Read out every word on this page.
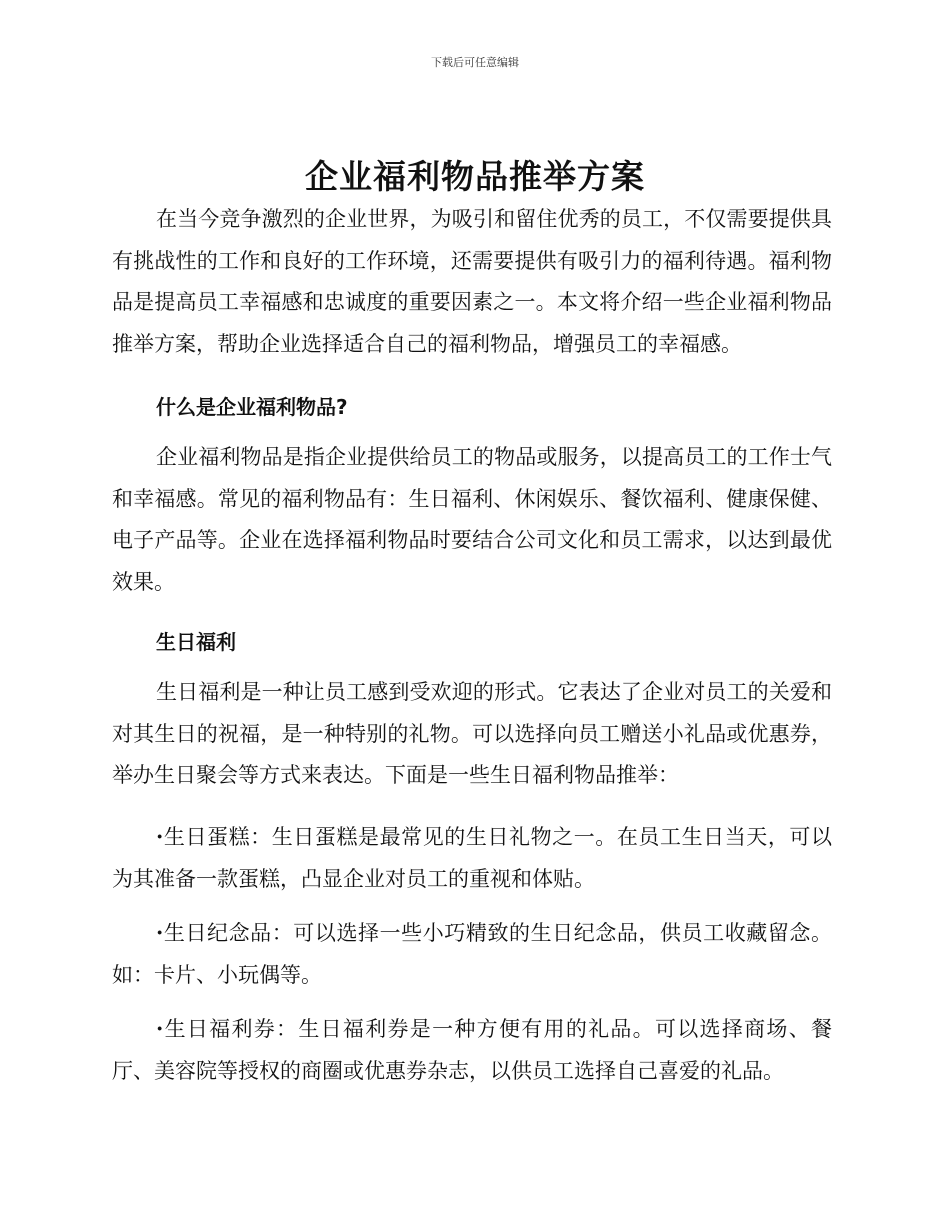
下载后可任意编辑
企业福利物品推举方案

在当今竞争激烈的企业世界，为吸引和留住优秀的员工，不仅需要提供具有挑战性的工作和良好的工作环境，还需要提供有吸引力的福利待遇。福利物品是提高员工幸福感和忠诚度的重要因素之一。本文将介绍一些企业福利物品推举方案，帮助企业选择适合自己的福利物品，增强员工的幸福感。

什么是企业福利物品?

企业福利物品是指企业提供给员工的物品或服务，以提高员工的工作士气和幸福感。常见的福利物品有：生日福利、休闲娱乐、餐饮福利、健康保健、电子产品等。企业在选择福利物品时要结合公司文化和员工需求，以达到最优效果。

生日福利

生日福利是一种让员工感到受欢迎的形式。它表达了企业对员工的关爱和对其生日的祝福，是一种特别的礼物。可以选择向员工赠送小礼品或优惠券，举办生日聚会等方式来表达。下面是一些生日福利物品推举：

·生日蛋糕：生日蛋糕是最常见的生日礼物之一。在员工生日当天，可以为其准备一款蛋糕，凸显企业对员工的重视和体贴。

·生日纪念品：可以选择一些小巧精致的生日纪念品，供员工收藏留念。如：卡片、小玩偶等。

·生日福利券：生日福利券是一种方便有用的礼品。可以选择商场、餐厅、美容院等授权的商圈或优惠券杂志，以供员工选择自己喜爱的礼品。
